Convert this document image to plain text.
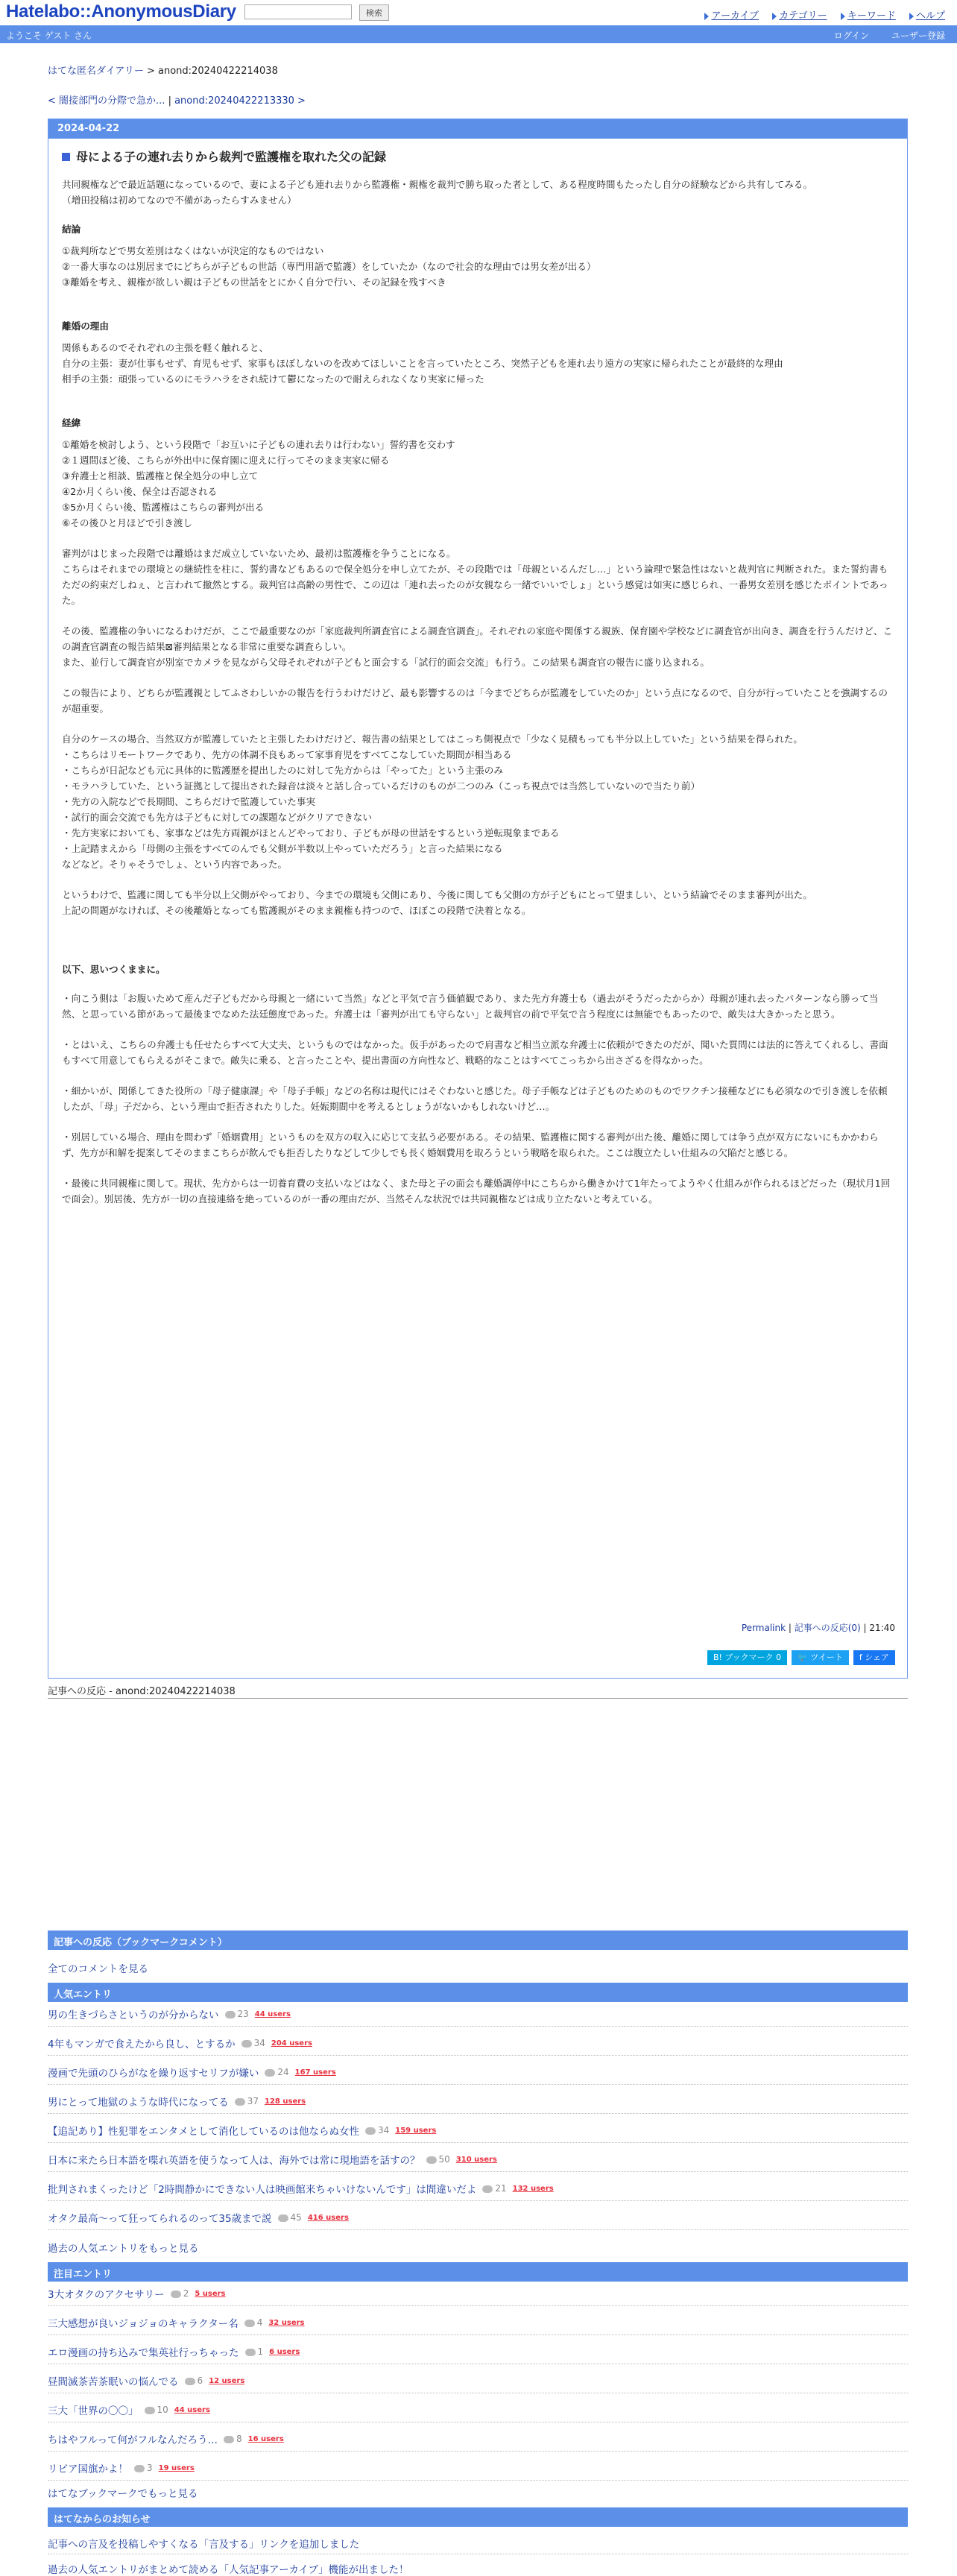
Hatelabo::AnonymousDiary	検索	アーカイブ カテゴリー キーワード ヘルプ
ようこそ ゲスト さん	ログイン ユーザー登録
はてな匿名ダイアリー > anond:20240422214038
< 闇接部門の分際で急か... | anond:20240422213330 >
2024-04-22
母による子の連れ去りから裁判で監護権を取れた父の記録

共同親権などで最近話題になっているので、妻による子ども連れ去りから監護権・親権を裁判で勝ち取った者として、ある程度時間もたったし自分の経験などから共有してみる。

（増田投稿は初めてなので不備があったらすみません）

結論

①裁判所などで男女差別はなくはないが決定的なものではない

②一番大事なのは別居までにどちらが子どもの世話（専門用語で監護）をしていたか（なので社会的な理由では男女差が出る）

③離婚を考え、親権が欲しい親は子どもの世話をとにかく自分で行い、その記録を残すべき

離婚の理由

関係もあるのでそれぞれの主張を軽く触れると、

自分の主張：妻が仕事もせず、育児もせず、家事もほぼしないのを改めてほしいことを言っていたところ、突然子どもを連れ去り遠方の実家に帰られたことが最終的な理由

相手の主張：頑張っているのにモラハラをされ続けて鬱になったので耐えられなくなり実家に帰った

経緯

①離婚を検討しよう、という段階で「お互いに子どもの連れ去りは行わない」誓約書を交わす

②１週間ほど後、こちらが外出中に保育園に迎えに行ってそのまま実家に帰る

③弁護士と相談、監護権と保全処分の申し立て

④2か月くらい後、保全は否認される

⑤5か月くらい後、監護権はこちらの審判が出る

⑥その後ひと月ほどで引き渡し

審判がはじまった段階では離婚はまだ成立していないため、最初は監護権を争うことになる。

こちらはそれまでの環境との継続性を柱に、誓約書などもあるので保全処分を申し立てたが、その段階では「母親といるんだし…」という論理で緊急性はないと裁判官に判断された。また誓約書もただの約束だしねぇ、と言われて撤然とする。裁判官は高齢の男性で、この辺は「連れ去ったのが女親なら一緒でいいでしょ」という感覚は如実に感じられ、一番男女差別を感じたポイントであった。

その後、監護権の争いになるわけだが、ここで最重要なのが「家庭裁判所調査官による調査官調査」。それぞれの家庭や関係する親族、保育園や学校などに調査官が出向き、調査を行うんだけど、この調査官調査の報告結果⊠審判結果となる非常に重要な調査らしい。

また、並行して調査官が別室でカメラを見ながら父母それぞれが子どもと面会する「試行的面会交流」も行う。この結果も調査官の報告に盛り込まれる。

この報告により、どちらが監護親としてふさわしいかの報告を行うわけだけど、最も影響するのは「今までどちらが監護をしていたのか」という点になるので、自分が行っていたことを強調するのが超重要。

自分のケースの場合、当然双方が監護していたと主張したわけだけど、報告書の結果としてはこっち側視点で「少なく見積もっても半分以上していた」という結果を得られた。

・こちらはリモートワークであり、先方の体調不良もあって家事育児をすべてこなしていた期間が相当ある

・こちらが日記なども元に具体的に監護歴を提出したのに対して先方からは「やってた」という主張のみ

・モラハラしていた、という証拠として提出された録音は淡々と話し合っているだけのものが二つのみ（こっち視点では当然していないので当たり前）

・先方の入院などで長期間、こちらだけで監護していた事実

・試行的面会交流でも先方は子どもに対しての課題などがクリアできない

・先方実家においても、家事などは先方両親がほとんどやっており、子どもが母の世話をするという逆転現象まである

・上記踏まえから「母側の主張をすべてのんでも父側が半数以上やっていただろう」と言った結果になる

などなど。そりゃそうでしょ、という内容であった。

というわけで、監護に関しても半分以上父側がやっており、今までの環境も父側にあり、今後に関しても父側の方が子どもにとって望ましい、という結論でそのまま審判が出た。

上記の問題がなければ、その後離婚となっても監護親がそのまま親権も持つので、ほぼこの段階で決着となる。

以下、思いつくままに。

・向こう側は「お腹いためて産んだ子どもだから母親と一緒にいて当然」などと平気で言う価値観であり、また先方弁護士も（過去がそうだったからか）母親が連れ去ったパターンなら勝って当然、と思っている節があって最後までなめた法廷態度であった。弁護士は「審判が出ても守らない」と裁判官の前で平気で言う程度には無能でもあったので、敵失は大きかったと思う。

・とはいえ、こちらの弁護士も任せたらすべて大丈夫、というものではなかった。仮手があったので肩書など相当立派な弁護士に依頼ができたのだが、聞いた質問には法的に答えてくれるし、書面もすべて用意してもらえるがそこまで。敵失に乗る、と言ったことや、提出書面の方向性など、戦略的なことはすべてこっちから出さざるを得なかった。

・細かいが、関係してきた役所の「母子健康課」や「母子手帳」などの名称は現代にはそぐわないと感じた。母子手帳などは子どものためのものでワクチン接種などにも必須なので引き渡しを依頼したが、「母」子だから、という理由で拒否されたりした。妊娠期間中を考えるとしょうがないかもしれないけど…。

・別居している場合、理由を問わず「婚姻費用」というものを双方の収入に応じて支払う必要がある。その結果、監護権に関する審判が出た後、離婚に関しては争う点が双方にないにもかかわらず、先方が和解を提案してそのままこちらが飲んでも拒否したりなどして少しでも長く婚姻費用を取ろうという戦略を取られた。ここは腹立たしい仕組みの欠陥だと感じる。

・最後に共同親権に関して。現状、先方からは一切養育費の支払いなどはなく、また母と子の面会も離婚調停中にこちらから働きかけて1年たってようやく仕組みが作られるほどだった（現状月1回で面会）。別居後、先方が一切の直接連絡を絶っているのが一番の理由だが、当然そんな状況では共同親権などは成り立たないと考えている。

Permalink | 記事への反応(0) | 21:40
B! ブックマーク 0	🐦 ツイート	f シェア
記事への反応 - anond:20240422214038
記事への反応（ブックマークコメント）
全てのコメントを見る
人気エントリ
男の生きづらさというのが分からない	23 44 users
4年もマンガで食えたから良し、とするか	34 204 users
漫画で先頭のひらがなを繰り返すセリフが嫌い	24 167 users
男にとって地獄のような時代になってる	37 128 users
【追記あり】性犯罪をエンタメとして消化しているのは他ならぬ女性	34 159 users
日本に来たら日本語を喋れ英語を使うなって人は、海外では常に現地語を話すの？	50 310 users
批判されまくったけど「2時間静かにできない人は映画館来ちゃいけないんです」は間違いだよ	21 132 users
オタク最高〜って狂ってられるのって35歳まで説	45 416 users
過去の人気エントリをもっと見る
注目エントリ
3大オタクのアクセサリー	2 5 users
三大感想が良いジョジョのキャラクター名	4 32 users
エロ漫画の持ち込みで集英社行っちゃった	1 6 users
昼間滅茶苦茶眠いの悩んでる	6 12 users
三大「世界の〇〇」	10 44 users
ちはやフルって何がフルなんだろう…	8 16 users
リビア国旗かよ！	3 19 users
はてなブックマークでもっと見る
はてなからのお知らせ
記事への言及を投稿しやすくなる「言及する」リンクを追加しました
過去の人気エントリがまとめて読める「人気記事アーカイブ」機能が出ました！
